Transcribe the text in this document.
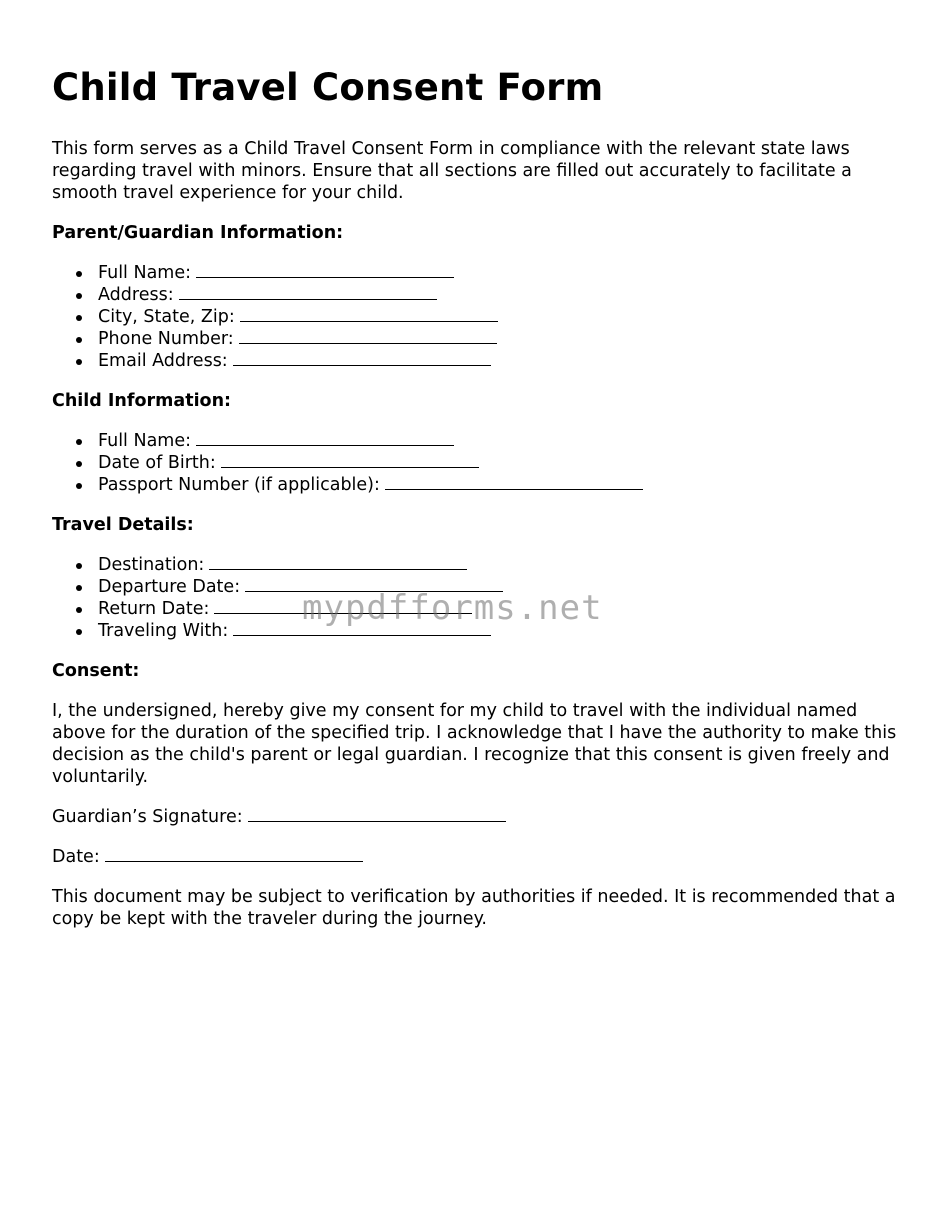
Child Travel Consent Form

This form serves as a Child Travel Consent Form in compliance with the relevant state laws regarding travel with minors. Ensure that all sections are filled out accurately to facilitate a smooth travel experience for your child.

Parent/Guardian Information:
Full Name:
Address:
City, State, Zip:
Phone Number:
Email Address:
Child Information:
Full Name:
Date of Birth:
Passport Number (if applicable):
Travel Details:
Destination:
Departure Date:
Return Date:
Traveling With:
Consent:

I, the undersigned, hereby give my consent for my child to travel with the individual named above for the duration of the specified trip. I acknowledge that I have the authority to make this decision as the child's parent or legal guardian. I recognize that this consent is given freely and voluntarily.

Guardian’s Signature:
Date:

This document may be subject to verification by authorities if needed. It is recommended that a copy be kept with the traveler during the journey.

mypdfforms.net
